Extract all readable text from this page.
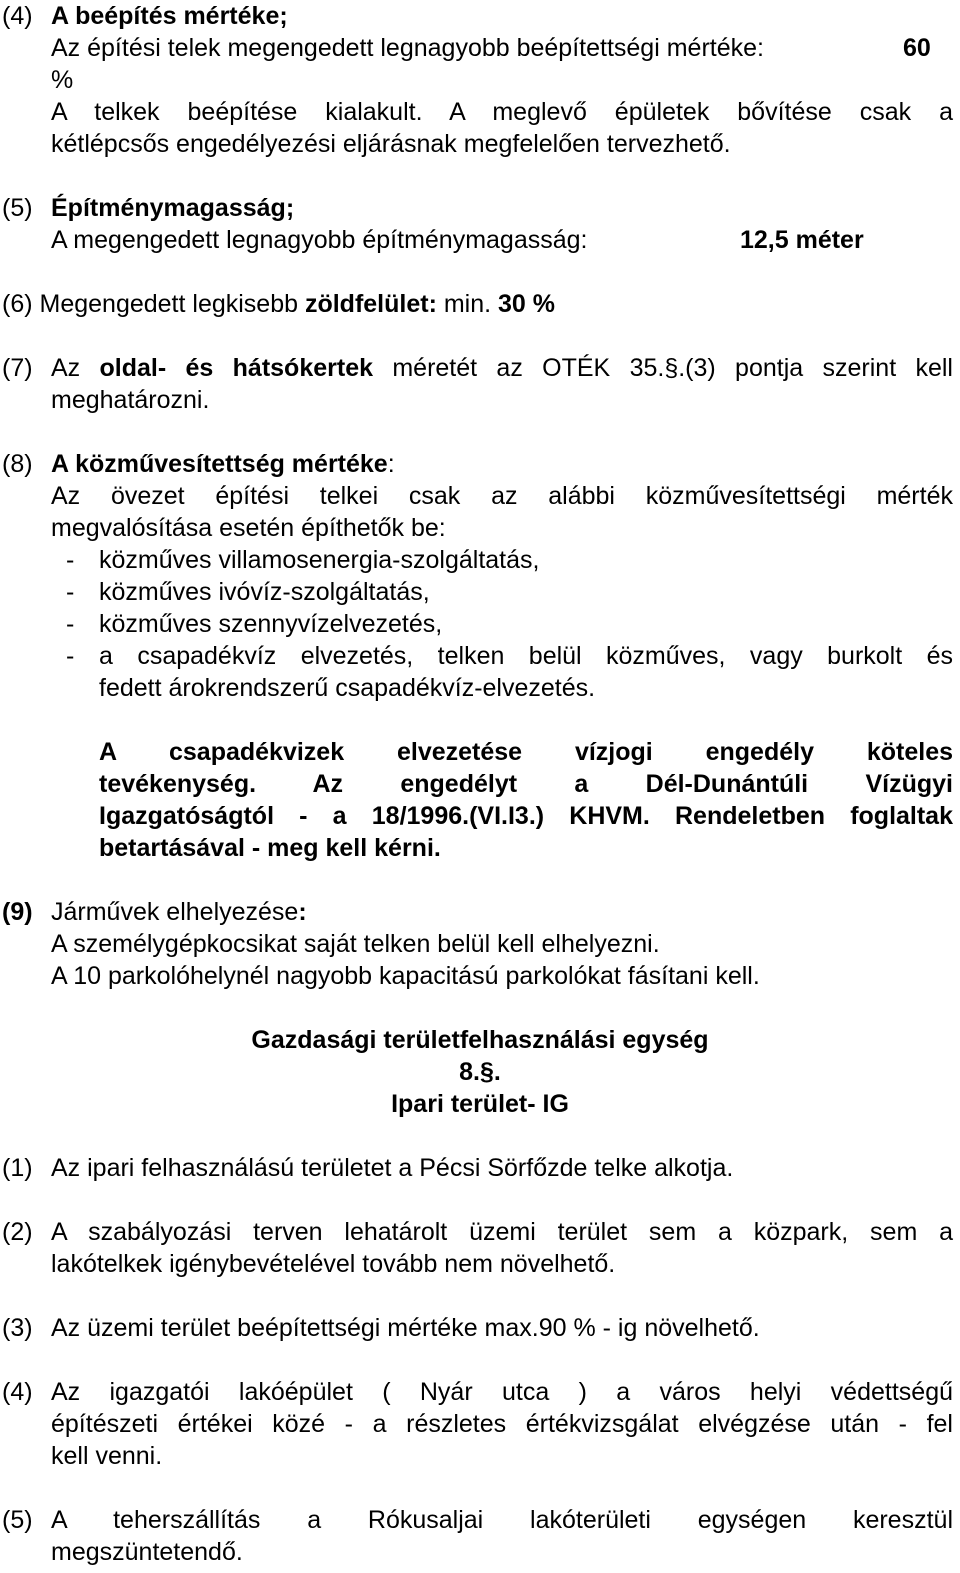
(4) A beépítés mértéke;
Az építési telek megengedett legnagyobb beépítettségi mértéke:	60
%
A telkek beépítése kialakult. A meglevő épületek bővítése csak a
kétlépcsős engedélyezési eljárásnak megfelelően tervezhető.
(5) Építménymagasság;
A megengedett legnagyobb építménymagasság:	12,5 méter
(6) Megengedett legkisebb zöldfelület: min. 30 %
(7) Az oldal- és hátsókertek méretét az OTÉK 35.§.(3) pontja szerint kell
meghatározni.
(8) A közművesítettség mértéke:
Az övezet építési telkei csak az alábbi közművesítettségi mérték
megvalósítása esetén építhetők be:
- közműves villamosenergia-szolgáltatás,
- közműves ivóvíz-szolgáltatás,
- közműves szennyvízelvezetés,
- a csapadékvíz elvezetés, telken belül közműves, vagy burkolt és
fedett árokrendszerű csapadékvíz-elvezetés.
A csapadékvizek elvezetése vízjogi engedély köteles
tevékenység. Az engedélyt a Dél-Dunántúli Vízügyi
Igazgatóságtól - a 18/1996.(VI.I3.) KHVM. Rendeletben foglaltak
betartásával - meg kell kérni.
(9) Járművek elhelyezése:
A személygépkocsikat saját telken belül kell elhelyezni.
A 10 parkolóhelynél nagyobb kapacitású parkolókat fásítani kell.
Gazdasági területfelhasználási egység
8.§.
Ipari terület- IG
(1) Az ipari felhasználású területet a Pécsi Sörfőzde telke alkotja.
(2) A szabályozási terven lehatárolt üzemi terület sem a közpark, sem a
lakótelkek igénybevételével tovább nem növelhető.
(3) Az üzemi terület beépítettségi mértéke max.90 % - ig növelhető.
(4) Az igazgatói lakóépület ( Nyár utca ) a város helyi védettségű
építészeti értékei közé - a részletes értékvizsgálat elvégzése után - fel
kell venni.
(5) A teherszállítás a Rókusaljai lakóterületi egységen keresztül
megszüntetendő.
